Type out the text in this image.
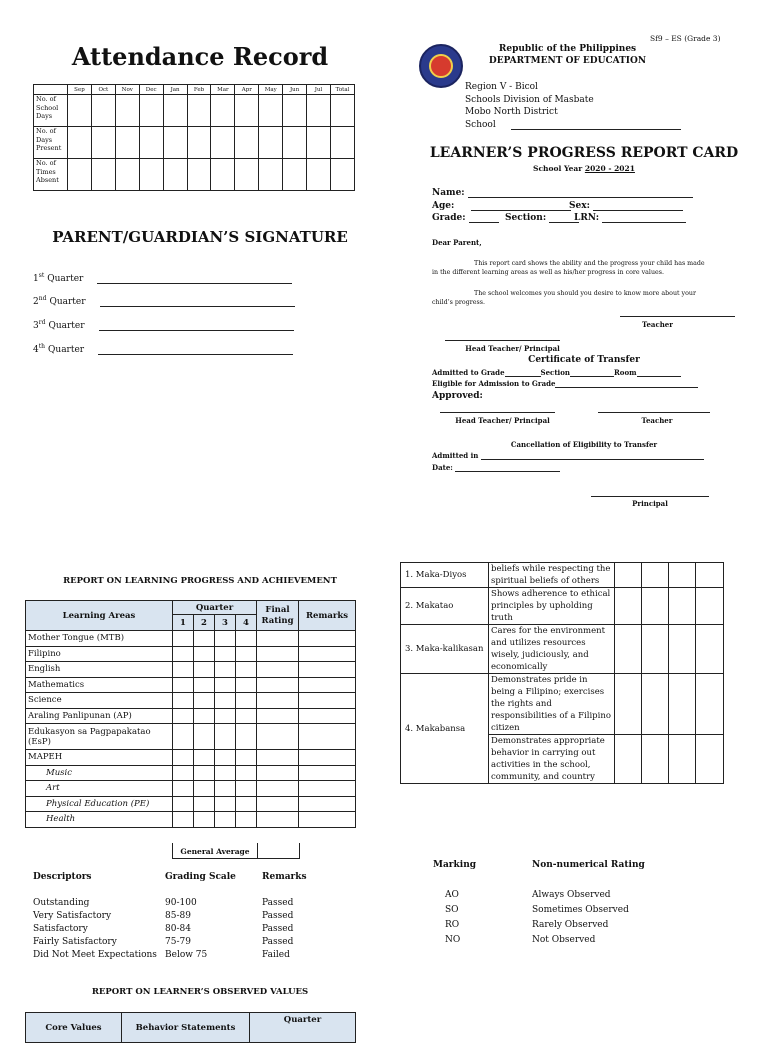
Attendance Record
	Sep	Oct	Nov	Dec	Jan	Feb	Mar	Apr	May	Jun	Jul	Total
No. of School Days												
No. of Days Present												
No. of Times Absent												
PARENT/GUARDIAN’S SIGNATURE
1st Quarter
2nd Quarter
3rd Quarter
4th Quarter
Sf9 – ES (Grade 3)
Republic of the Philippines
DEPARTMENT OF EDUCATION
Region V - Bicol
Schools Division of Masbate
Mobo North District
School
LEARNER’S PROGRESS REPORT CARD
School Year 2020 - 2021
Name:
Age:	Sex:
Grade:	Section:	LRN:
Dear Parent,
This report card shows the ability and the progress your child has made in the different learning areas as well as his/her progress in core values.
The school welcomes you should you desire to know more about your child’s progress.
Teacher
Head Teacher/ Principal
Certificate of Transfer
Admitted to Grade	Section	Room
Eligible for Admission to Grade
Approved:
Head Teacher/ Principal	Teacher
Cancellation of Eligibility to Transfer
Admitted in
Date:
Principal
REPORT ON LEARNING PROGRESS AND ACHIEVEMENT
Learning Areas	Quarter				Final Rating	Remarks
	1	2	3	4		
Mother Tongue (MTB)						
Filipino						
English						
Mathematics						
Science						
Araling Panlipunan (AP)						
Edukasyon sa Pagpapakatao (EsP)						
MAPEH						
Music						
Art						
Physical Education (PE)						
Health						
General Average
Descriptors	Grading Scale	Remarks
Outstanding	90-100	Passed
Very Satisfactory	85-89	Passed
Satisfactory	80-84	Passed
Fairly Satisfactory	75-79	Passed
Did Not Meet Expectations Below 75	Failed
REPORT ON LEARNER’S OBSERVED VALUES
Core Values	Behavior Statements	Quarter
1. Maka-Diyos	beliefs while respecting the spiritual beliefs of others				
2. Makatao	Shows adherence to ethical principles by upholding truth				
3. Maka-kalikasan	Cares for the environment and utilizes resources wisely, judiciously, and economically				
4. Makabansa	Demonstrates pride in being a Filipino; exercises the rights and responsibilities of a Filipino citizen				
	Demonstrates appropriate behavior in carrying out activities in the school, community, and country				
Marking	Non-numerical Rating
AO	Always Observed
SO	Sometimes Observed
RO	Rarely Observed
NO	Not Observed
